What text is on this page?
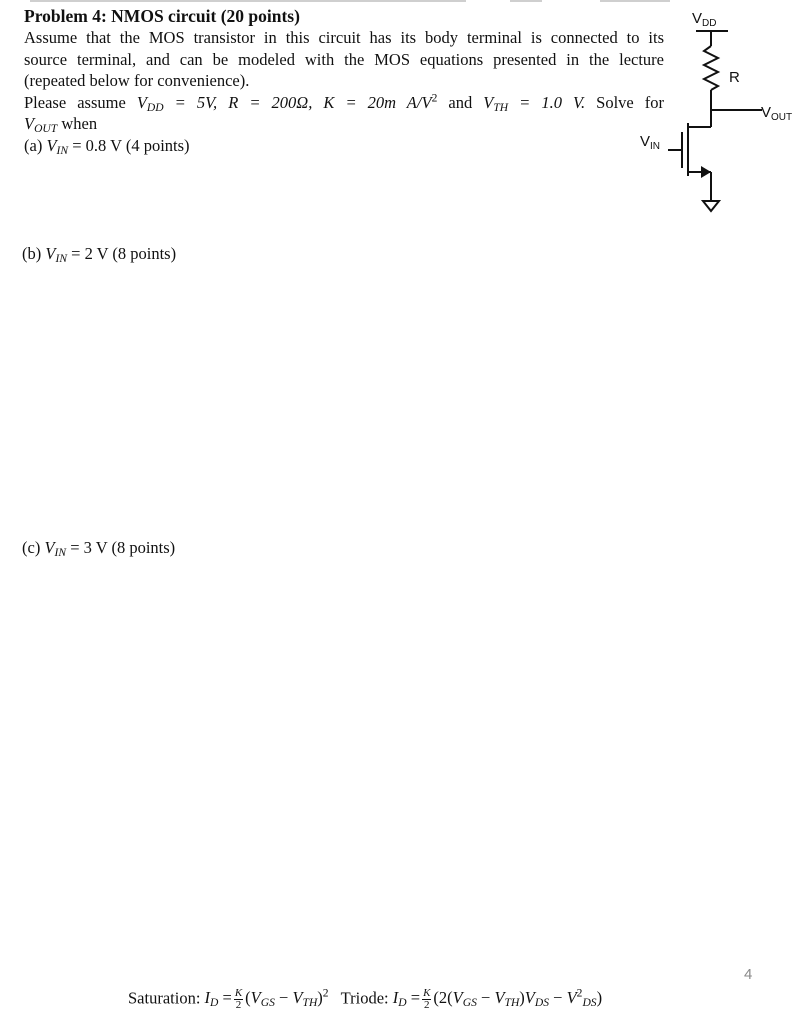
Problem 4: NMOS circuit (20 points)

Assume that the MOS transistor in this circuit has its body terminal is connected to its

source terminal, and can be modeled with the MOS equations presented in the lecture

(repeated below for convenience).

Please assume $V_{DD} = 5V$, R = 200Ω, K = 20m $A/V^2$ and $V_{TH} = 1.0$ V. Solve for

$V_{OUT}$ when

(a) $V_{IN} = 0.8$ V (4 points)

(b) $V_{IN} = 2$ V (8 points)
(c) $V_{IN} = 3$ V (8 points)
$V_{DD}$
R
$V_{OUT}$
$V_{IN}$
4
Saturation: $I_D = \frac{K}{2} (V_{GS} - V_{TH})^2$ Triode: $I_D = \frac{K}{2} (2(V_{GS} - V_{TH})V_{DS} - V^2_{DS})$
